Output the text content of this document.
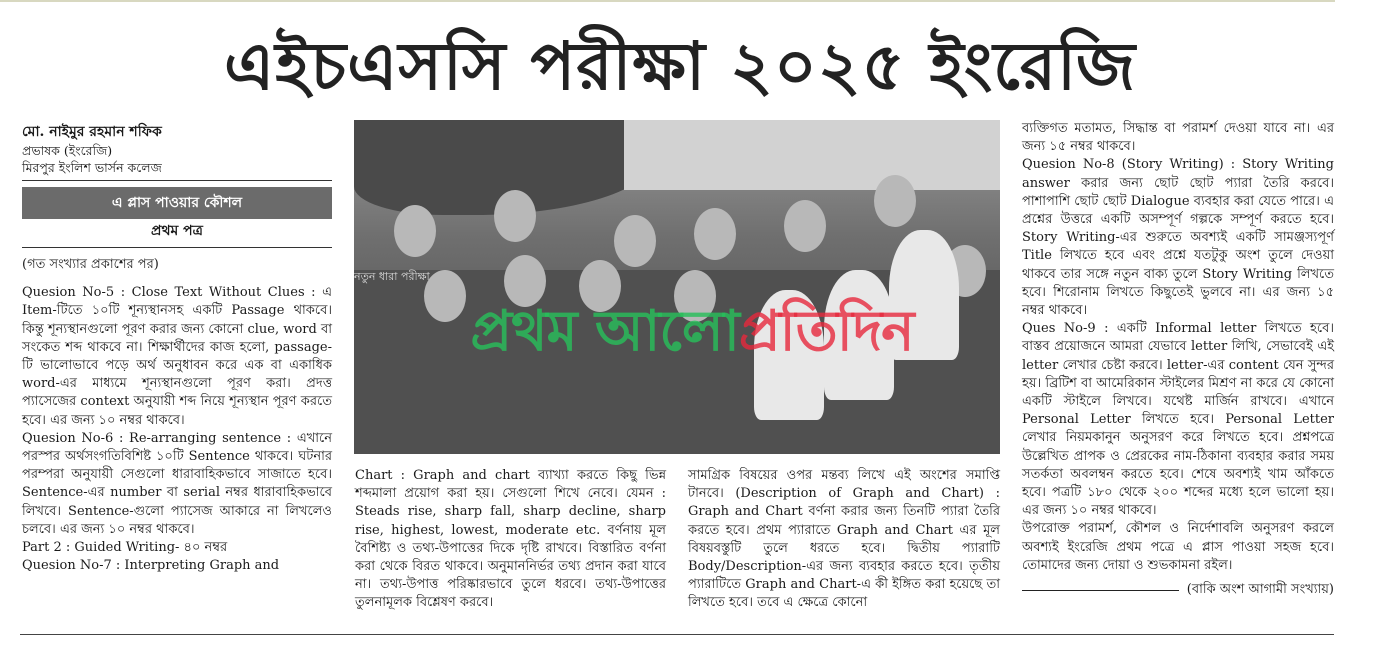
এইচএসসি পরীক্ষা ২০২৫ ইংরেজি
মো. নাইমুর রহমান শফিক
প্রভাষক (ইংরেজি)
মিরপুর ইংলিশ ভার্সন কলেজ
এ প্লাস পাওয়ার কৌশল
প্রথম পত্র
(গত সংখ্যার প্রকাশের পর)

Quesion No-5 : Close Text Without Clues : এ Item-টিতে ১০টি শূন্যস্থানসহ একটি Passage থাকবে। কিন্তু শূন্যস্থানগুলো পূরণ করার জন্য কোনো clue, word বা সংকেত শব্দ থাকবে না। শিক্ষার্থীদের কাজ হলো, passage-টি ভালোভাবে পড়ে অর্থ অনুধাবন করে এক বা একাধিক word-এর মাধ্যমে শূন্যস্থানগুলো পূরণ করা। প্রদত্ত প্যাসেজের context অনুযায়ী শব্দ নিয়ে শূন্যস্থান পূরণ করতে হবে। এর জন্য ১০ নম্বর থাকবে।

Quesion No-6 : Re-arranging sentence : এখানে পরস্পর অর্থসংগতিবিশিষ্ট ১০টি Sentence থাকবে। ঘটনার পরম্পরা অনুযায়ী সেগুলো ধারাবাহিকভাবে সাজাতে হবে। Sentence-এর number বা serial নম্বর ধারাবাহিকভাবে লিখবে। Sentence-গুলো প্যাসেজ আকারে না লিখলেও চলবে। এর জন্য ১০ নম্বর থাকবে।

Part 2 : Guided Writing- ৪০ নম্বর

Quesion No-7 : Interpreting Graph and

নতুন ধারা পরীক্ষা
প্রথম আলোপ্রতিদিন

Chart : Graph and chart ব্যাখ্যা করতে কিছু ভিন্ন শব্দমালা প্রয়োগ করা হয়। সেগুলো শিখে নেবে। যেমন : Steads rise, sharp fall, sharp decline, sharp rise, highest, lowest, moderate etc. বর্ণনায় মূল বৈশিষ্ট্য ও তথ্য-উপাত্তের দিকে দৃষ্টি রাখবে। বিস্তারিত বর্ণনা করা থেকে বিরত থাকবে। অনুমাননির্ভর তথ্য প্রদান করা যাবে না। তথ্য-উপাত্ত পরিষ্কারভাবে তুলে ধরবে। তথ্য-উপাত্তের তুলনামূলক বিশ্লেষণ করবে।

সামগ্রিক বিষয়ের ওপর মন্তব্য লিখে এই অংশের সমাপ্তি টানবে। (Description of Graph and Chart) : Graph and Chart বর্ণনা করার জন্য তিনটি প্যারা তৈরি করতে হবে। প্রথম প্যারাতে Graph and Chart এর মূল বিষয়বস্তুটি তুলে ধরতে হবে। দ্বিতীয় প্যারাটি Body/Description-এর জন্য ব্যবহার করতে হবে। তৃতীয় প্যারাটিতে Graph and Chart-এ কী ইঙ্গিত করা হয়েছে তা লিখতে হবে। তবে এ ক্ষেত্রে কোনো

ব্যক্তিগত মতামত, সিদ্ধান্ত বা পরামর্শ দেওয়া যাবে না। এর জন্য ১৫ নম্বর থাকবে।

Quesion No-8 (Story Writing) : Story Writing answer করার জন্য ছোট ছোট প্যারা তৈরি করবে। পাশাপাশি ছোট ছোট Dialogue ব্যবহার করা যেতে পারে। এ প্রশ্নের উত্তরে একটি অসম্পূর্ণ গল্পকে সম্পূর্ণ করতে হবে। Story Writing-এর শুরুতে অবশ্যই একটি সামঞ্জস্যপূর্ণ Title লিখতে হবে এবং প্রশ্নে যতটুকু অংশ তুলে দেওয়া থাকবে তার সঙ্গে নতুন বাক্য তুলে Story Writing লিখতে হবে। শিরোনাম লিখতে কিছুতেই ভুলবে না। এর জন্য ১৫ নম্বর থাকবে।

Ques No-9 : একটি Informal letter লিখতে হবে। বাস্তব প্রয়োজনে আমরা যেভাবে letter লিখি, সেভাবেই এই letter লেখার চেষ্টা করবে। letter-এর content যেন সুন্দর হয়। ব্রিটিশ বা আমেরিকান স্টাইলের মিশ্রণ না করে যে কোনো একটি স্টাইলে লিখবে। যথেষ্ট মার্জিন রাখবে। এখানে Personal Letter লিখতে হবে। Personal Letter লেখার নিয়মকানুন অনুসরণ করে লিখতে হবে। প্রশ্নপত্রে উল্লেখিত প্রাপক ও প্রেরকের নাম-ঠিকানা ব্যবহার করার সময় সতর্কতা অবলম্বন করতে হবে। শেষে অবশ্যই খাম আঁকতে হবে। পত্রটি ১৮০ থেকে ২০০ শব্দের মধ্যে হলে ভালো হয়। এর জন্য ১০ নম্বর থাকবে।

উপরোক্ত পরামর্শ, কৌশল ও নির্দেশাবলি অনুসরণ করলে অবশ্যই ইংরেজি প্রথম পত্রে এ প্লাস পাওয়া সহজ হবে। তোমাদের জন্য দোয়া ও শুভকামনা রইল।

(বাকি অংশ আগামী সংখ্যায়)
